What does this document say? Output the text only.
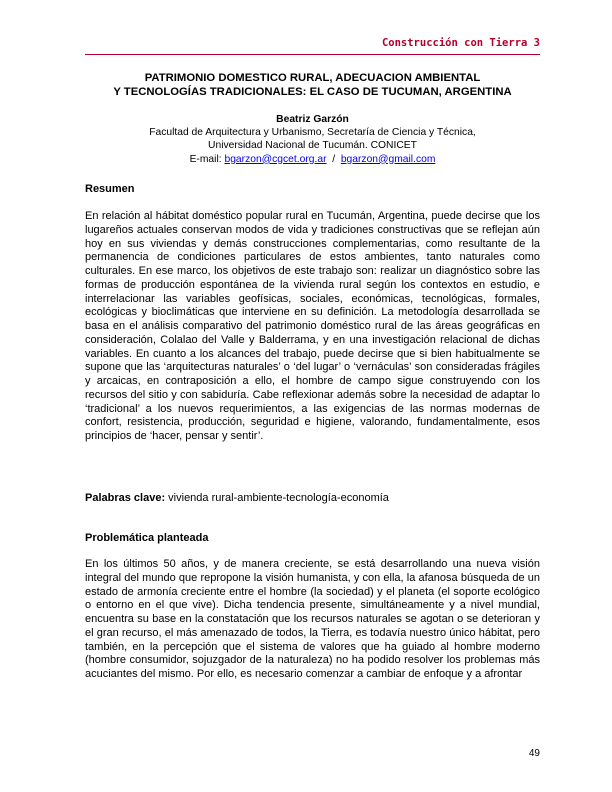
Construcción con Tierra 3
PATRIMONIO DOMESTICO RURAL, ADECUACION AMBIENTAL
Y TECNOLOGÍAS TRADICIONALES: EL CASO DE TUCUMAN, ARGENTINA
Beatriz Garzón
Facultad de Arquitectura y Urbanismo, Secretaría de Ciencia y Técnica,
Universidad Nacional de Tucumán. CONICET
E-mail: bgarzon@cgcet.org.ar  /  bgarzon@gmail.com
Resumen
En relación al hábitat doméstico popular rural en Tucumán, Argentina, puede decirse que los lugareños actuales conservan modos de vida y tradiciones constructivas que se reflejan aún hoy en sus viviendas y demás construcciones complementarias, como resultante de la permanencia de condiciones particulares de estos ambientes, tanto naturales como culturales. En ese marco, los objetivos de este trabajo son: realizar un diagnóstico sobre las formas de producción espontánea de la vivienda rural según los contextos en estudio, e interrelacionar las variables geofísicas, sociales, económicas, tecnológicas, formales, ecológicas y bioclimáticas que interviene en su definición. La metodología desarrollada se basa en el análisis comparativo del patrimonio doméstico rural de las áreas geográficas en consideración, Colalao del Valle y Balderrama, y en una investigación relacional de dichas variables. En cuanto a los alcances del trabajo, puede decirse que si bien habitualmente se supone que las ‘arquitecturas naturales’ o ‘del lugar’ o ‘vernáculas’ son consideradas frágiles y arcaicas, en contraposición a ello, el hombre de campo sigue construyendo con los recursos del sitio y con sabiduría. Cabe reflexionar además sobre la necesidad de adaptar lo ‘tradicional’ a los nuevos requerimientos, a las exigencias de las normas modernas de confort, resistencia, producción, seguridad e higiene, valorando, fundamentalmente, esos principios de ‘hacer, pensar y sentir’.
Palabras clave: vivienda rural-ambiente-tecnología-economía
Problemática planteada
En los últimos 50 años, y de manera creciente, se está desarrollando una nueva visión integral del mundo que repropone la visión humanista, y con ella, la afanosa búsqueda de un estado de armonía creciente entre el hombre (la sociedad) y el planeta (el soporte ecológico o entorno en el que vive). Dicha tendencia presente, simultáneamente y a nivel mundial, encuentra su base en la constatación que los recursos naturales se agotan o se deterioran y el gran recurso, el más amenazado de todos, la Tierra, es todavía nuestro único hábitat, pero también, en la percepción que el sistema de valores que ha guiado al hombre moderno (hombre consumidor, sojuzgador de la naturaleza) no ha podido resolver los problemas más acuciantes del mismo. Por ello, es necesario comenzar a cambiar de enfoque y a afrontar
49
